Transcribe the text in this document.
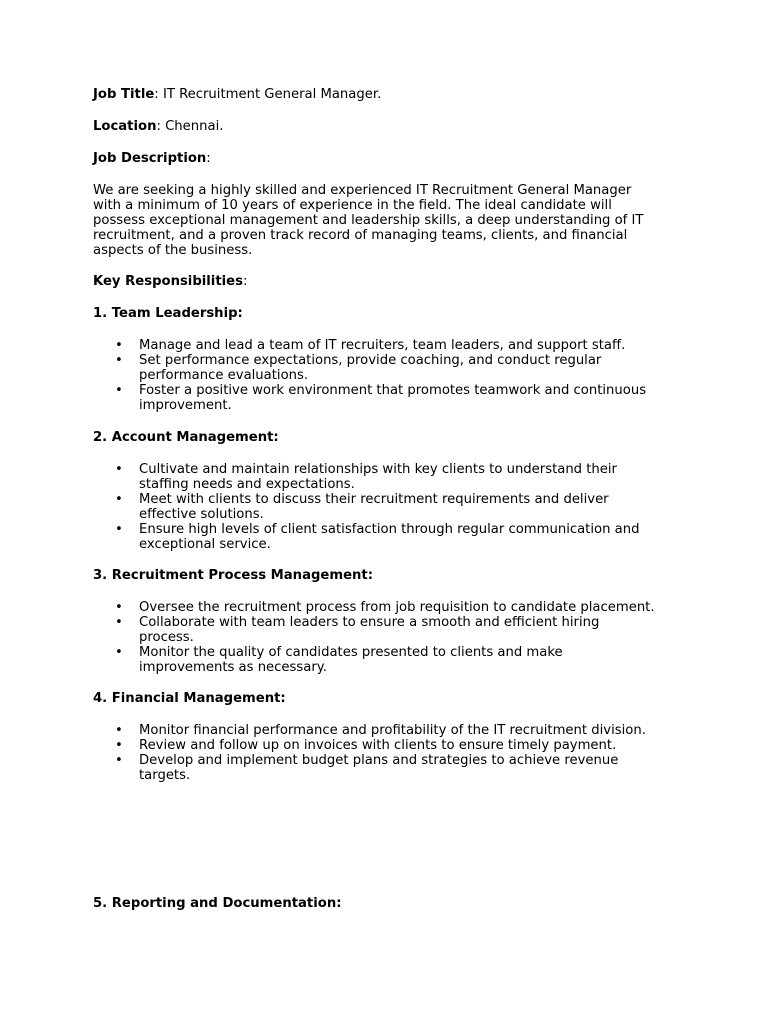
Job Title: IT Recruitment General Manager.

Location: Chennai.

Job Description:

We are seeking a highly skilled and experienced IT Recruitment General Manager with a minimum of 10 years of experience in the field. The ideal candidate will possess exceptional management and leadership skills, a deep understanding of IT recruitment, and a proven track record of managing teams, clients, and financial aspects of the business.

Key Responsibilities:

1. Team Leadership:

• Manage and lead a team of IT recruiters, team leaders, and support staff.
• Set performance expectations, provide coaching, and conduct regular performance evaluations.
• Foster a positive work environment that promotes teamwork and continuous improvement.

2. Account Management:

• Cultivate and maintain relationships with key clients to understand their staffing needs and expectations.
• Meet with clients to discuss their recruitment requirements and deliver effective solutions.
• Ensure high levels of client satisfaction through regular communication and exceptional service.

3. Recruitment Process Management:

• Oversee the recruitment process from job requisition to candidate placement.
• Collaborate with team leaders to ensure a smooth and efficient hiring process.
• Monitor the quality of candidates presented to clients and make improvements as necessary.

4. Financial Management:

• Monitor financial performance and profitability of the IT recruitment division.
• Review and follow up on invoices with clients to ensure timely payment.
• Develop and implement budget plans and strategies to achieve revenue targets.

5. Reporting and Documentation:
